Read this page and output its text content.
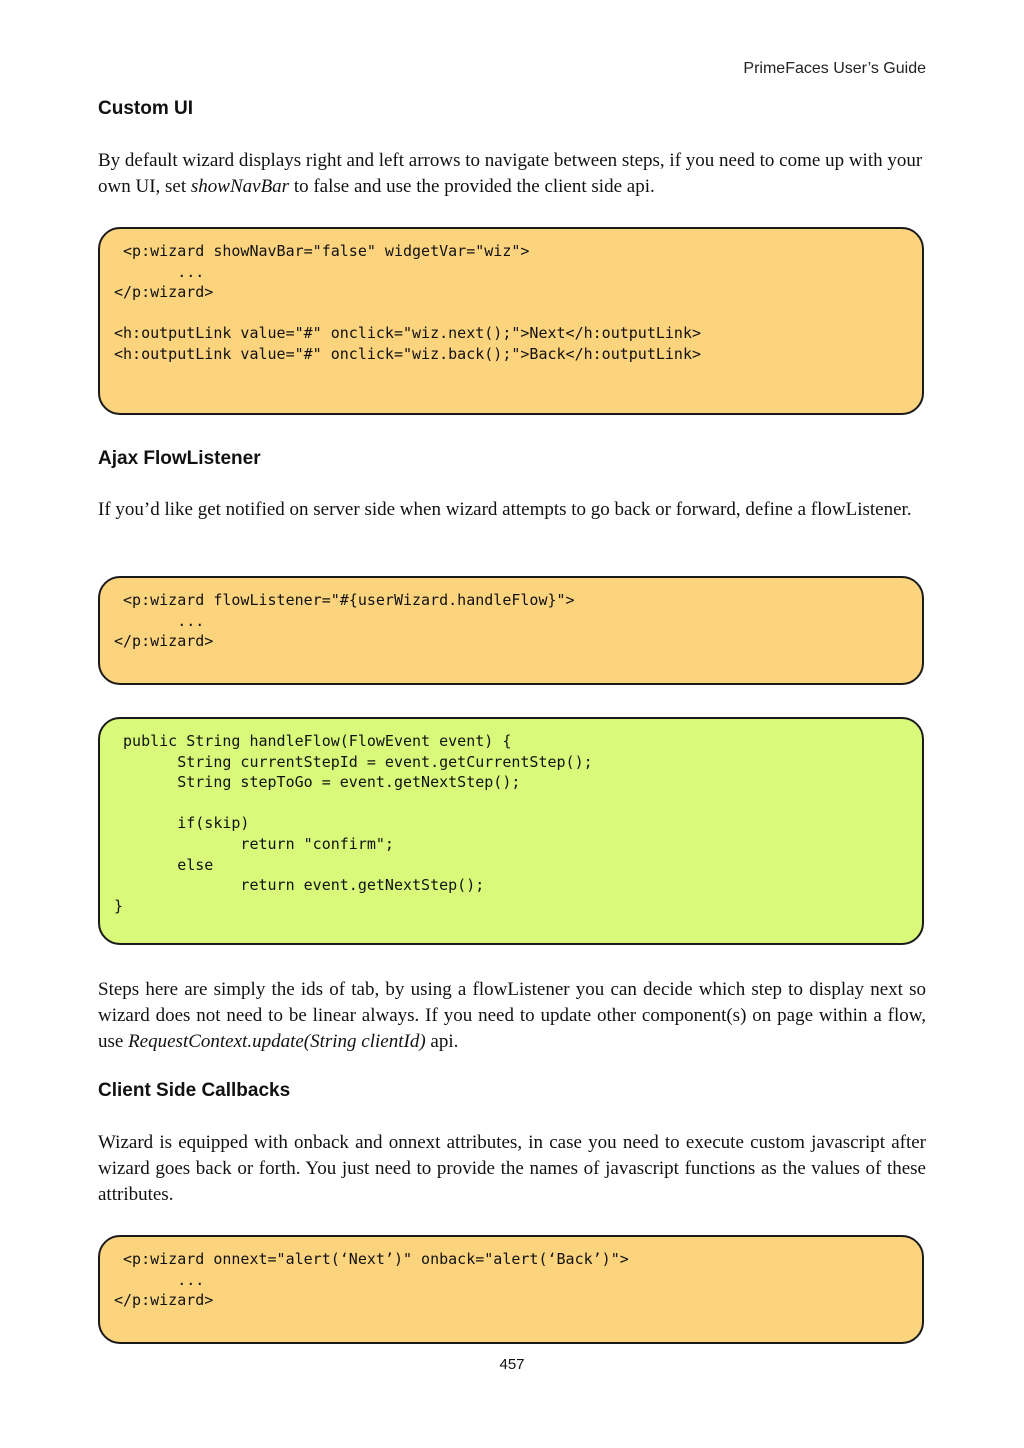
PrimeFaces User’s Guide
Custom UI

By default wizard displays right and left arrows to navigate between steps, if you need to come up with your own UI, set showNavBar to false and use the provided the client side api.

<p:wizard showNavBar="false" widgetVar="wiz">
...
</p:wizard>
<h:outputLink value="#" onclick="wiz.next();">Next</h:outputLink>
<h:outputLink value="#" onclick="wiz.back();">Back</h:outputLink>
Ajax FlowListener

If you’d like get notified on server side when wizard attempts to go back or forward, define a flowListener.

<p:wizard flowListener="#{userWizard.handleFlow}">
...
</p:wizard>
public String handleFlow(FlowEvent event) {
String currentStepId = event.getCurrentStep();
String stepToGo = event.getNextStep();
if(skip)
return "confirm";
else
return event.getNextStep();
}

Steps here are simply the ids of tab, by using a flowListener you can decide which step to display next so wizard does not need to be linear always. If you need to update other component(s) on page within a flow, use RequestContext.update(String clientId) api.

Client Side Callbacks

Wizard is equipped with onback and onnext attributes, in case you need to execute custom javascript after wizard goes back or forth. You just need to provide the names of javascript functions as the values of these attributes.

<p:wizard onnext="alert(‘Next’)" onback="alert(‘Back’)">
...
</p:wizard>
457
